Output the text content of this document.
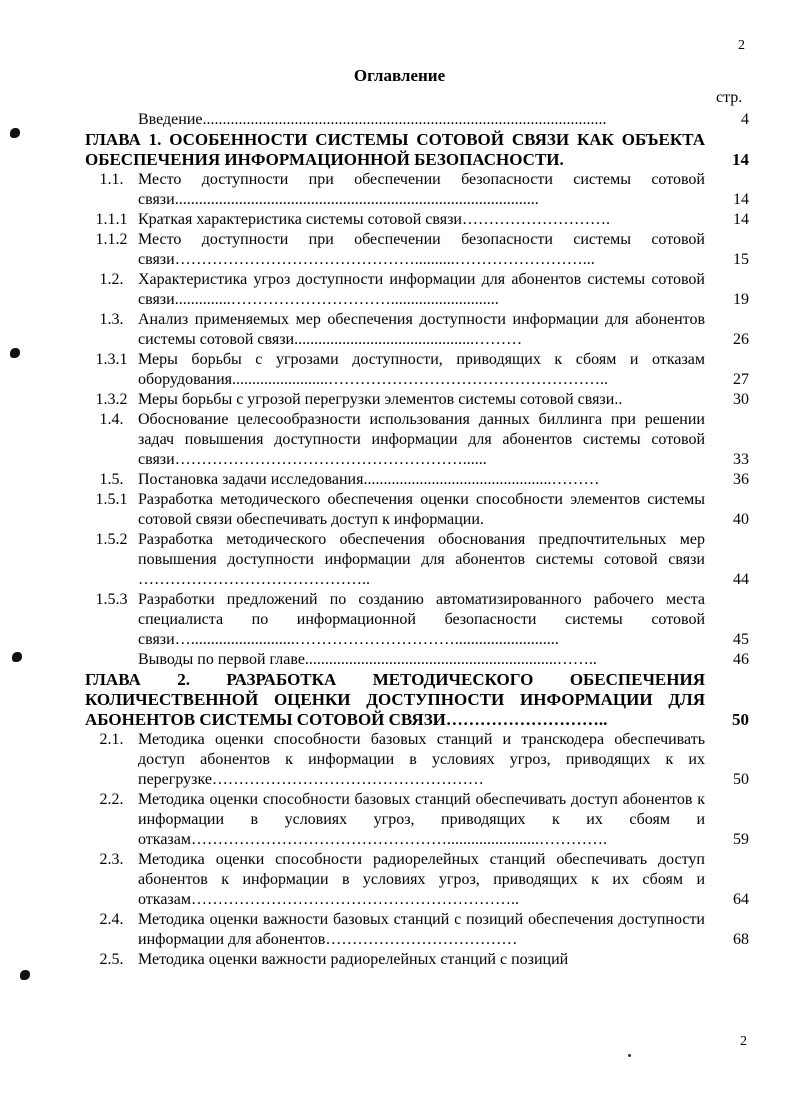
2
Оглавление
стр.
Введение.....................................................................................................	4
ГЛАВА 1. ОСОБЕННОСТИ СИСТЕМЫ СОТОВОЙ СВЯЗИ КАК ОБЪЕКТА ОБЕСПЕЧЕНИЯ ИНФОРМАЦИОННОЙ БЕЗОПАСНОСТИ.	14
1.1. Место доступности при обеспечении безопасности системы сотовой связи...........................................................................................	14
1.1.1 Краткая характеристика системы сотовой связи……………………….	14
1.1.2 Место доступности при обеспечении безопасности системы сотовой связи………………………………………..........……………………...	15
1.2. Характеристика угроз доступности информации для абонентов системы сотовой связи..............…………………………...........................	19
1.3. Анализ применяемых мер обеспечения доступности информации для абонентов системы сотовой связи.............................................………	26
1.3.1 Меры борьбы с угрозами доступности, приводящих к сбоям и отказам оборудования........................……………………………………………..	27
1.3.2 Меры борьбы с угрозой перегрузки элементов системы сотовой связи..	30
1.4. Обоснование целесообразности использования данных биллинга при решении задач повышения доступности информации для абонентов системы сотовой связи………………………………………………......	33
1.5. Постановка задачи исследования...............................................………	36
1.5.1 Разработка методического обеспечения оценки способности элементов системы сотовой связи обеспечивать доступ к информации.	40
1.5.2 Разработка методического обеспечения обоснования предпочтительных мер повышения доступности информации для абонентов системы сотовой связи ……………………………………..	44
1.5.3 Разработки предложений по созданию автоматизированного рабочего места специалиста по информационной безопасности системы сотовой связи…..........................…………………………..........................	45
Выводы по первой главе...............................................................……..	46
ГЛАВА 2. РАЗРАБОТКА МЕТОДИЧЕСКОГО ОБЕСПЕЧЕНИЯ КОЛИЧЕСТВЕННОЙ ОЦЕНКИ ДОСТУПНОСТИ ИНФОРМАЦИИ ДЛЯ АБОНЕНТОВ СИСТЕМЫ СОТОВОЙ СВЯЗИ………………………..	50
2.1. Методика оценки способности базовых станций и транскодера обеспечивать доступ абонентов к информации в условиях угроз, приводящих к их перегрузке……………………………………………	50
2.2. Методика оценки способности базовых станций обеспечивать доступ абонентов к информации в условиях угроз, приводящих к их сбоям и отказам………………………………………….......................………….	59
2.3. Методика оценки способности радиорелейных станций обеспечивать доступ абонентов к информации в условиях угроз, приводящих к их сбоям и отказам……………………………………………………..	64
2.4. Методика оценки важности базовых станций с позиций обеспечения доступности информации для абонентов………………………………	68
2.5. Методика оценки важности радиорелейных станций с позиций
2
